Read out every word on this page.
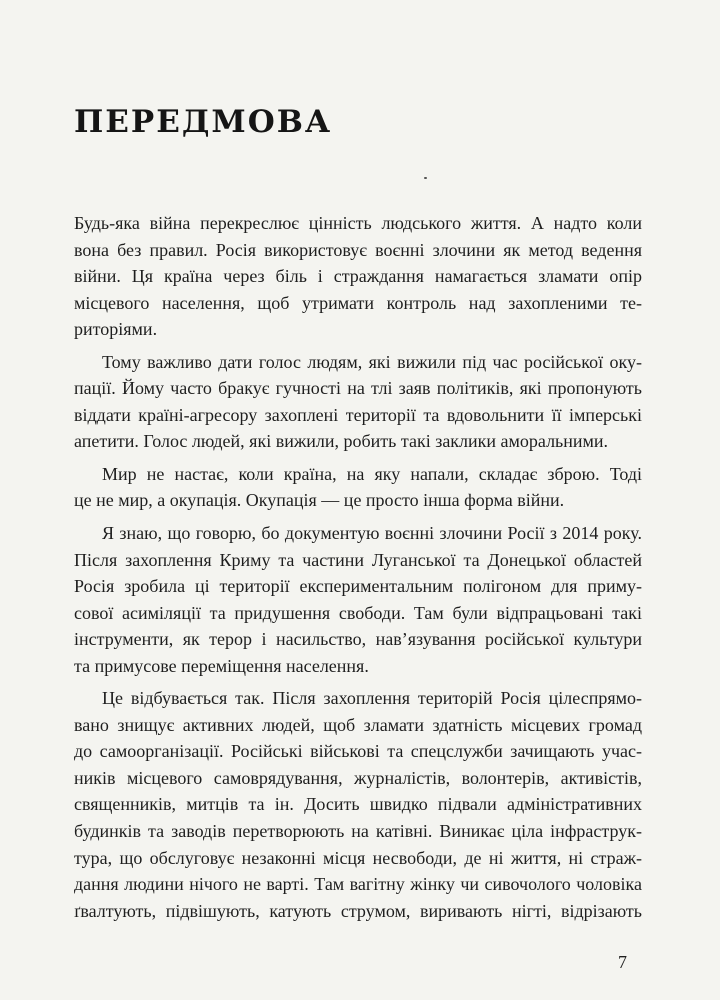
ПЕРЕДМОВА
Будь-яка війна перекреслює цінність людського життя. А надто коли
вона без правил. Росія використовує воєнні злочини як метод ведення
війни. Ця країна через біль і страждання намагається зламати опір
місцевого населення, щоб утримати контроль над захопленими те-
риторіями.
Тому важливо дати голос людям, які вижили під час російської оку-
пації. Йому часто бракує гучності на тлі заяв політиків, які пропонують
віддати країні-агресору захоплені території та вдовольнити її імперські
апетити. Голос людей, які вижили, робить такі заклики аморальними.
Мир не настає, коли країна, на яку напали, складає зброю. Тоді
це не мир, а окупація. Окупація — це просто інша форма війни.
Я знаю, що говорю, бо документую воєнні злочини Росії з 2014 року.
Після захоплення Криму та частини Луганської та Донецької областей
Росія зробила ці території експериментальним полігоном для приму-
сової асиміляції та придушення свободи. Там були відпрацьовані такі
інструменти, як терор і насильство, нав’язування російської культури
та примусове переміщення населення.
Це відбувається так. Після захоплення територій Росія цілеспрямо-
вано знищує активних людей, щоб зламати здатність місцевих громад
до самоорганізації. Російські військові та спецслужби зачищають учас-
ників місцевого самоврядування, журналістів, волонтерів, активістів,
священників, митців та ін. Досить швидко підвали адміністративних
будинків та заводів перетворюють на катівні. Виникає ціла інфраструк-
тура, що обслуговує незаконні місця несвободи, де ні життя, ні страж-
дання людини нічого не варті. Там вагітну жінку чи сивочолого чоловіка
ґвалтують, підвішують, катують струмом, виривають нігті, відрізають
7
